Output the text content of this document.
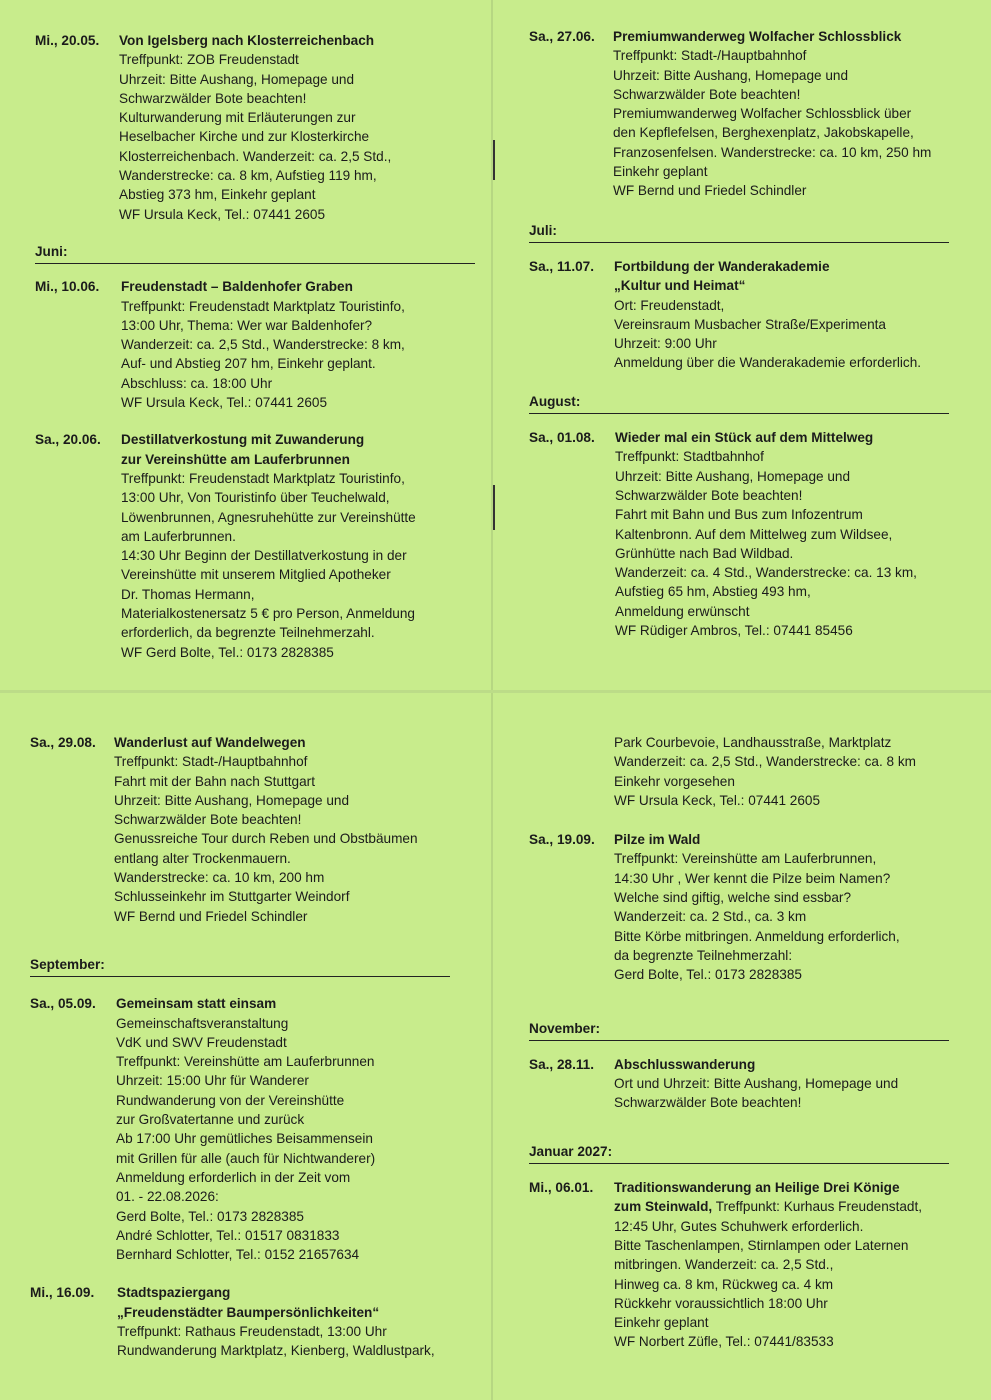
Mi., 20.05.	Von Igelsberg nach Klosterreichenbach
Treffpunkt: ZOB Freudenstadt
Uhrzeit: Bitte Aushang, Homepage und
Schwarzwälder Bote beachten!
Kulturwanderung mit Erläuterungen zur
Heselbacher Kirche und zur Klosterkirche
Klosterreichenbach. Wanderzeit: ca. 2,5 Std.,
Wanderstrecke: ca. 8 km, Aufstieg 119 hm,
Abstieg 373 hm, Einkehr geplant
WF Ursula Keck, Tel.: 07441 2605
Juni:
Mi., 10.06.	Freudenstadt – Baldenhofer Graben
Treffpunkt: Freudenstadt Marktplatz Touristinfo,
13:00 Uhr, Thema: Wer war Baldenhofer?
Wanderzeit: ca. 2,5 Std., Wanderstrecke: 8 km,
Auf- und Abstieg 207 hm, Einkehr geplant.
Abschluss: ca. 18:00 Uhr
WF Ursula Keck, Tel.: 07441 2605
Sa., 20.06.	Destillatverkostung mit Zuwanderung
zur Vereinshütte am Lauferbrunnen
Treffpunkt: Freudenstadt Marktplatz Touristinfo,
13:00 Uhr, Von Touristinfo über Teuchelwald,
Löwenbrunnen, Agnesruhehütte zur Vereinshütte
am Lauferbrunnen.
14:30 Uhr Beginn der Destillatverkostung in der
Vereinshütte mit unserem Mitglied Apotheker
Dr. Thomas Hermann,
Materialkostenersatz 5 € pro Person, Anmeldung
erforderlich, da begrenzte Teilnehmerzahl.
WF Gerd Bolte, Tel.: 0173 2828385
Sa., 27.06.	Premiumwanderweg Wolfacher Schlossblick
Treffpunkt: Stadt-/Hauptbahnhof
Uhrzeit: Bitte Aushang, Homepage und
Schwarzwälder Bote beachten!
Premiumwanderweg Wolfacher Schlossblick über
den Kepflefelsen, Berghexenplatz, Jakobskapelle,
Franzosenfelsen. Wanderstrecke: ca. 10 km, 250 hm
Einkehr geplant
WF Bernd und Friedel Schindler
Juli:
Sa., 11.07.	Fortbildung der Wanderakademie
„Kultur und Heimat“
Ort: Freudenstadt,
Vereinsraum Musbacher Straße/Experimenta
Uhrzeit: 9:00 Uhr
Anmeldung über die Wanderakademie erforderlich.
August:
Sa., 01.08.	Wieder mal ein Stück auf dem Mittelweg
Treffpunkt: Stadtbahnhof
Uhrzeit: Bitte Aushang, Homepage und
Schwarzwälder Bote beachten!
Fahrt mit Bahn und Bus zum Infozentrum
Kaltenbronn. Auf dem Mittelweg zum Wildsee,
Grünhütte nach Bad Wildbad.
Wanderzeit: ca. 4 Std., Wanderstrecke: ca. 13 km,
Aufstieg 65 hm, Abstieg 493 hm,
Anmeldung erwünscht
WF Rüdiger Ambros, Tel.: 07441 85456
Sa., 29.08.	Wanderlust auf Wandelwegen
Treffpunkt: Stadt-/Hauptbahnhof
Fahrt mit der Bahn nach Stuttgart
Uhrzeit: Bitte Aushang, Homepage und
Schwarzwälder Bote beachten!
Genussreiche Tour durch Reben und Obstbäumen
entlang alter Trockenmauern.
Wanderstrecke: ca. 10 km, 200 hm
Schlusseinkehr im Stuttgarter Weindorf
WF Bernd und Friedel Schindler
September:
Sa., 05.09.	Gemeinsam statt einsam
Gemeinschaftsveranstaltung
VdK und SWV Freudenstadt
Treffpunkt: Vereinshütte am Lauferbrunnen
Uhrzeit: 15:00 Uhr für Wanderer
Rundwanderung von der Vereinshütte
zur Großvatertanne und zurück
Ab 17:00 Uhr gemütliches Beisammensein
mit Grillen für alle (auch für Nichtwanderer)
Anmeldung erforderlich in der Zeit vom
01. - 22.08.2026:
Gerd Bolte, Tel.: 0173 2828385
André Schlotter, Tel.: 01517 0831833
Bernhard Schlotter, Tel.: 0152 21657634
Mi., 16.09.	Stadtspaziergang
„Freudenstädter Baumpersönlichkeiten“
Treffpunkt: Rathaus Freudenstadt, 13:00 Uhr
Rundwanderung Marktplatz, Kienberg, Waldlustpark,
Park Courbevoie, Landhausstraße, Marktplatz
Wanderzeit: ca. 2,5 Std., Wanderstrecke: ca. 8 km
Einkehr vorgesehen
WF Ursula Keck, Tel.: 07441 2605
Sa., 19.09.	Pilze im Wald
Treffpunkt: Vereinshütte am Lauferbrunnen,
14:30 Uhr , Wer kennt die Pilze beim Namen?
Welche sind giftig, welche sind essbar?
Wanderzeit: ca. 2 Std., ca. 3 km
Bitte Körbe mitbringen. Anmeldung erforderlich,
da begrenzte Teilnehmerzahl:
Gerd Bolte, Tel.: 0173 2828385
November:
Sa., 28.11.	Abschlusswanderung
Ort und Uhrzeit: Bitte Aushang, Homepage und
Schwarzwälder Bote beachten!
Januar 2027:
Mi., 06.01.	Traditionswanderung an Heilige Drei Könige
zum Steinwald, Treffpunkt: Kurhaus Freudenstadt,
12:45 Uhr, Gutes Schuhwerk erforderlich.
Bitte Taschenlampen, Stirnlampen oder Laternen
mitbringen. Wanderzeit: ca. 2,5 Std.,
Hinweg ca. 8 km, Rückweg ca. 4 km
Rückkehr voraussichtlich 18:00 Uhr
Einkehr geplant
WF Norbert Züfle, Tel.: 07441/83533
